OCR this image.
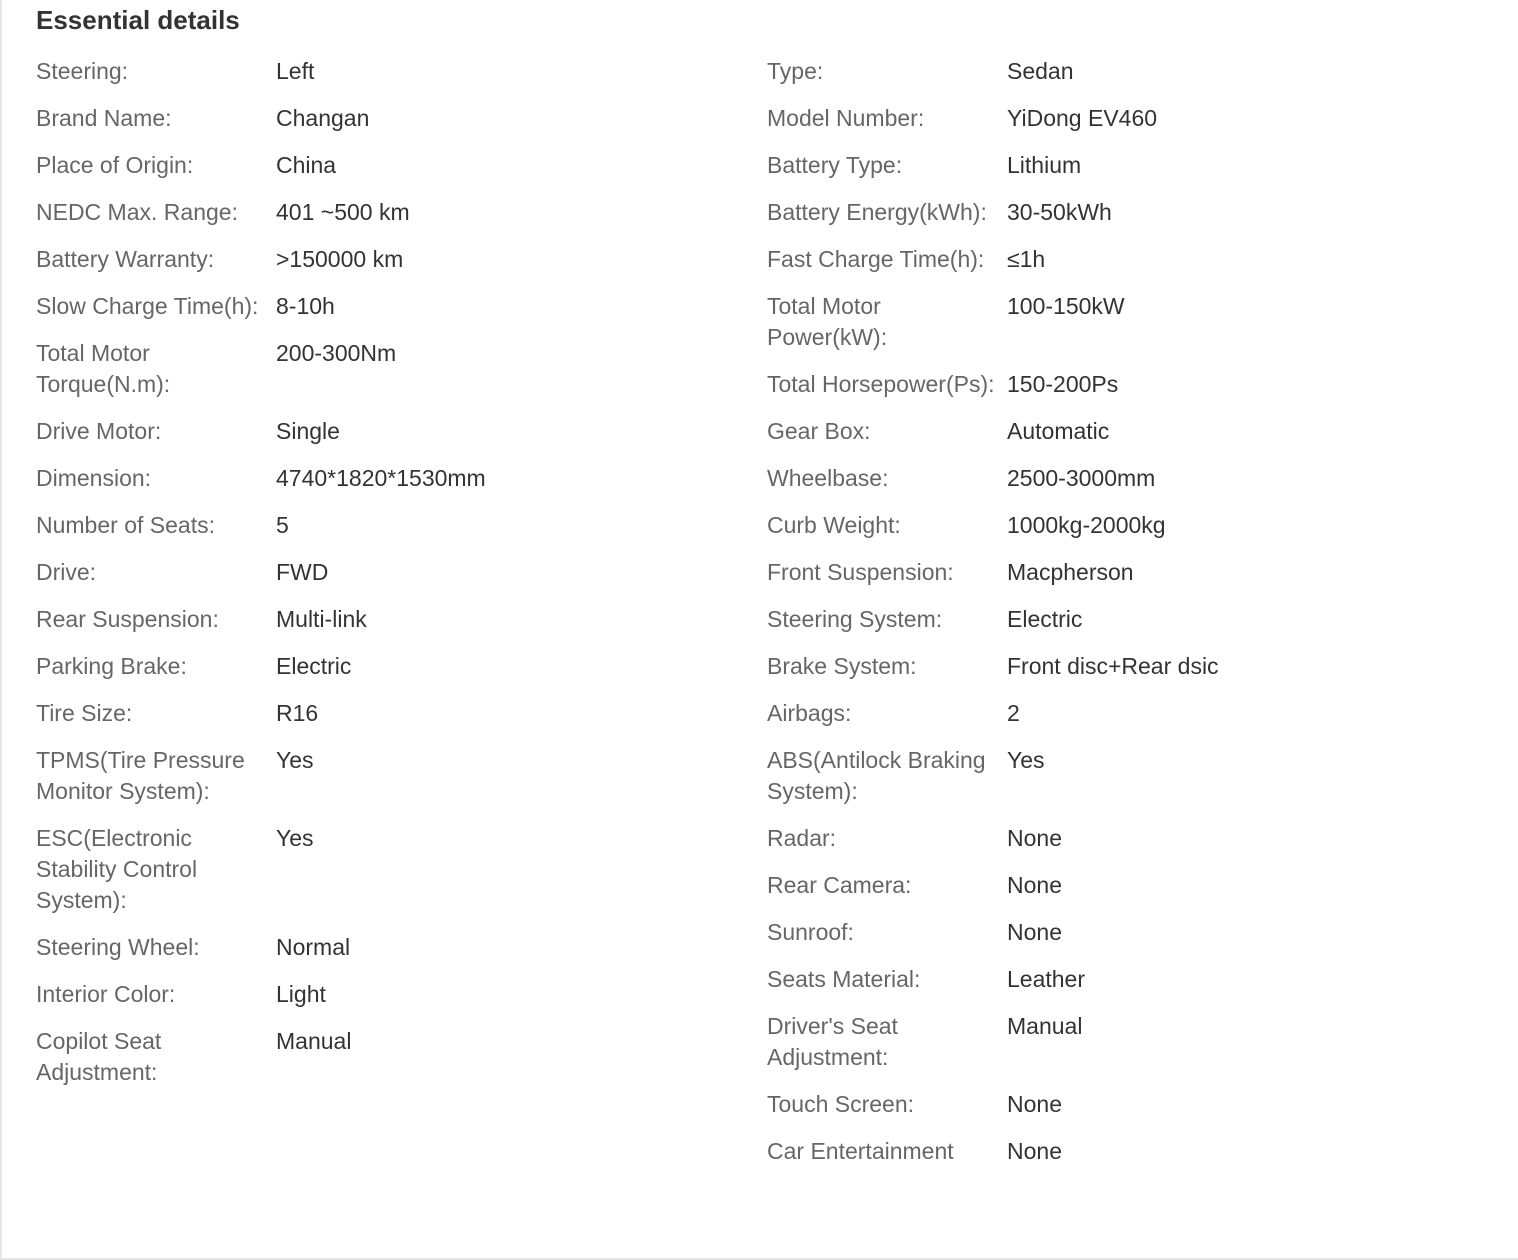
Essential details
Steering:	Left
Brand Name:	Changan
Place of Origin:	China
NEDC Max. Range:	401 ~500 km
Battery Warranty:	>150000 km
Slow Charge Time(h): 8-10h
Total Motor Torque(N.m):
200-300Nm
Drive Motor:	Single
Dimension:	4740*1820*1530mm
Number of Seats:	5
Drive:	FWD
Rear Suspension:	Multi-link
Parking Brake:	Electric
Tire Size:	R16
TPMS(Tire Pressure Monitor System):
Yes
ESC(Electronic Stability Control System):
Yes
Steering Wheel:	Normal
Interior Color:	Light
Copilot Seat Adjustment:
Manual
Type:	Sedan
Model Number:	YiDong EV460
Battery Type:	Lithium
Battery Energy(kWh): 30-50kWh
Fast Charge Time(h): ≤1h
Total Motor Power(kW):
100-150kW
Total Horsepower(Ps): 150-200Ps
Gear Box:	Automatic
Wheelbase:	2500-3000mm
Curb Weight:	1000kg-2000kg
Front Suspension:	Macpherson
Steering System:	Electric
Brake System:	Front disc+Rear dsic
Airbags:	2
ABS(Antilock Braking System):
Yes
Radar:	None
Rear Camera:	None
Sunroof:	None
Seats Material:	Leather
Driver's Seat Adjustment:
Manual
Touch Screen:	None
Car Entertainment	None
